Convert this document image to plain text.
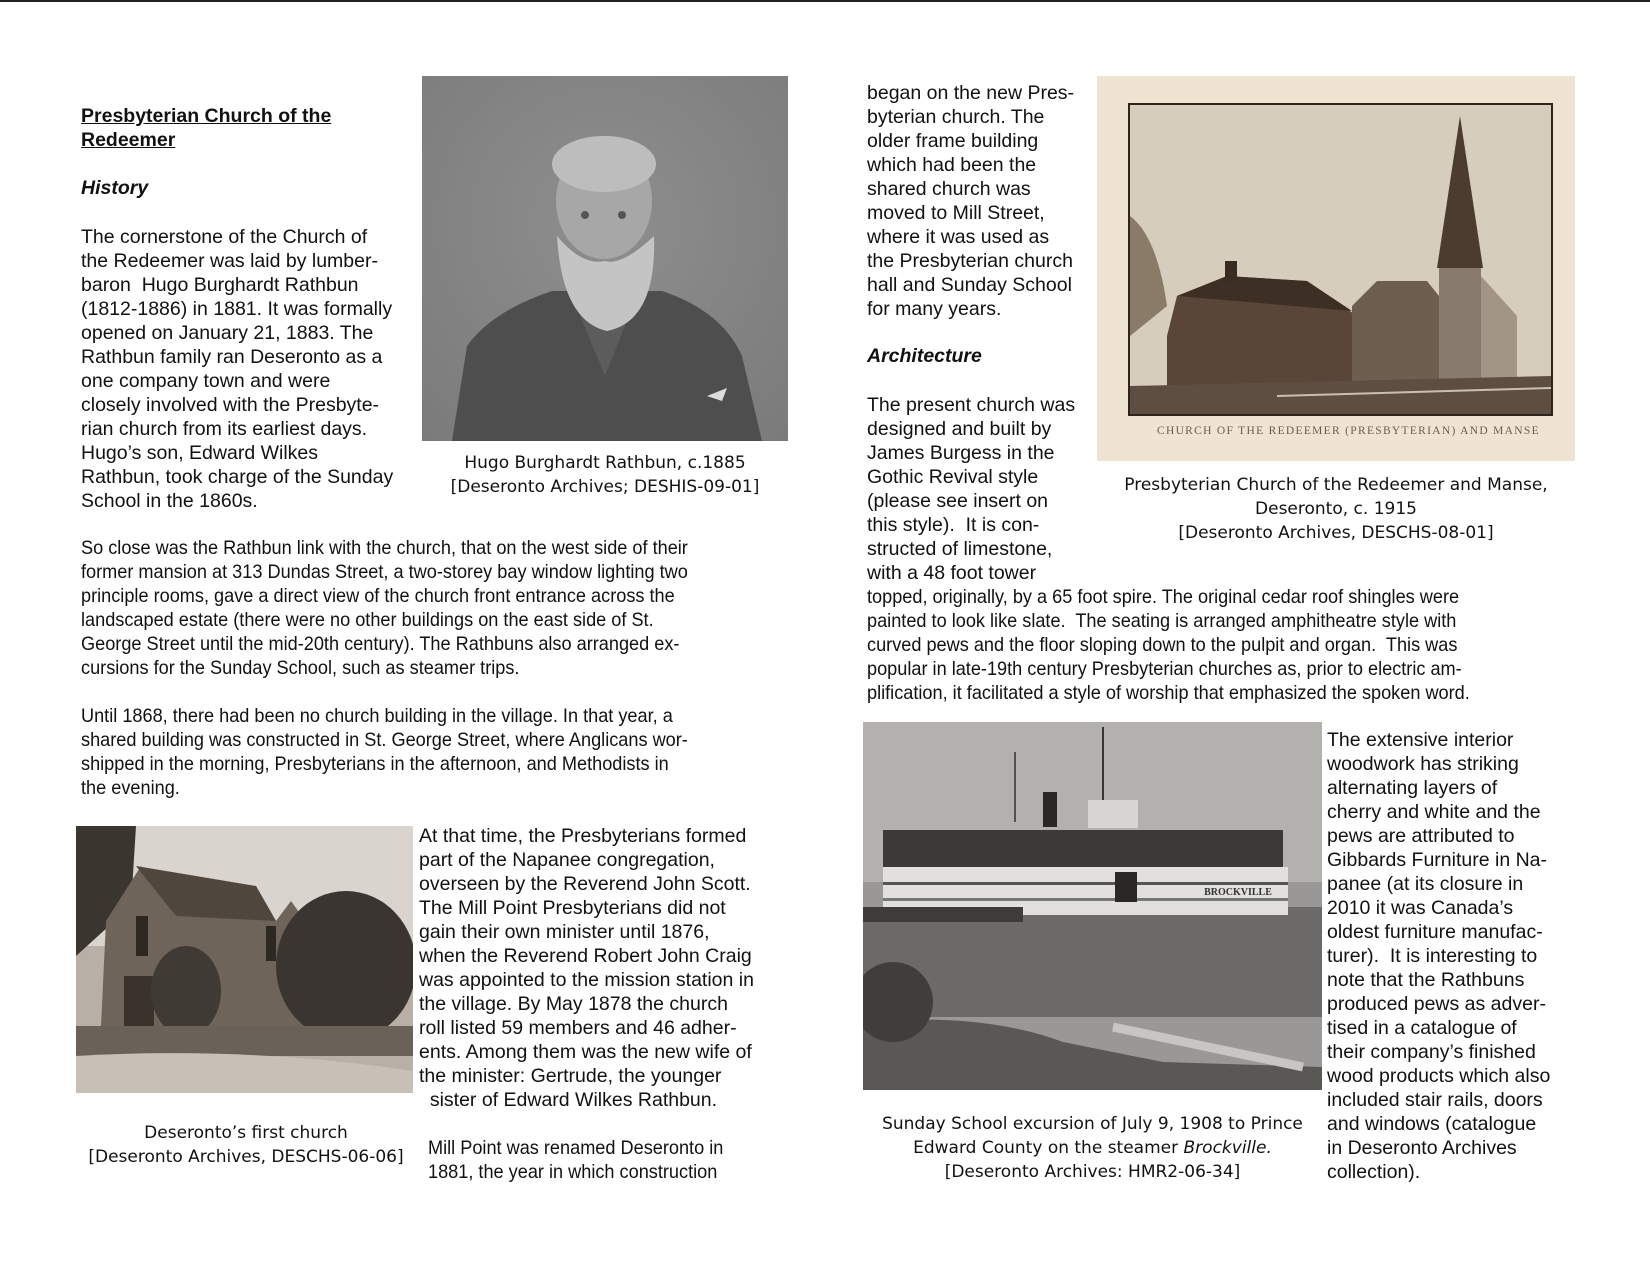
Presbyterian Church of the
Redeemer
History
The cornerstone of the Church of
the Redeemer was laid by lumber-
baron  Hugo Burghardt Rathbun
(1812-1886) in 1881. It was formally
opened on January 21, 1883. The
Rathbun family ran Deseronto as a
one company town and were
closely involved with the Presbyte-
rian church from its earliest days.
Hugo’s son, Edward Wilkes
Rathbun, took charge of the Sunday
School in the 1860s.
So close was the Rathbun link with the church, that on the west side of their
former mansion at 313 Dundas Street, a two-storey bay window lighting two
principle rooms, gave a direct view of the church front entrance across the
landscaped estate (there were no other buildings on the east side of St.
George Street until the mid-20th century). The Rathbuns also arranged ex-
cursions for the Sunday School, such as steamer trips.
Until 1868, there had been no church building in the village. In that year, a
shared building was constructed in St. George Street, where Anglicans wor-
shipped in the morning, Presbyterians in the afternoon, and Methodists in
the evening.
At that time, the Presbyterians formed
part of the Napanee congregation,
overseen by the Reverend John Scott.
The Mill Point Presbyterians did not
gain their own minister until 1876,
when the Reverend Robert John Craig
was appointed to the mission station in
the village. By May 1878 the church
roll listed 59 members and 46 adher-
ents. Among them was the new wife of
the minister: Gertrude, the younger
sister of Edward Wilkes Rathbun.
Mill Point was renamed Deseronto in
1881, the year in which construction
Hugo Burghardt Rathbun, c.1885
[Deseronto Archives; DESHIS-09-01]
Deseronto’s first church
[Deseronto Archives, DESCHS-06-06]
began on the new Pres-
byterian church. The
older frame building
which had been the
shared church was
moved to Mill Street,
where it was used as
the Presbyterian church
hall and Sunday School
for many years.
Architecture
The present church was
designed and built by
James Burgess in the
Gothic Revival style
(please see insert on
this style).  It is con-
structed of limestone,
with a 48 foot tower
topped, originally, by a 65 foot spire. The original cedar roof shingles were
painted to look like slate.  The seating is arranged amphitheatre style with
curved pews and the floor sloping down to the pulpit and organ.  This was
popular in late-19th century Presbyterian churches as, prior to electric am-
plification, it facilitated a style of worship that emphasized the spoken word.
The extensive interior
woodwork has striking
alternating layers of
cherry and white and the
pews are attributed to
Gibbards Furniture in Na-
panee (at its closure in
2010 it was Canada’s
oldest furniture manufac-
turer).  It is interesting to
note that the Rathbuns
produced pews as adver-
tised in a catalogue of
their company’s finished
wood products which also
included stair rails, doors
and windows (catalogue
in Deseronto Archives
collection).
CHURCH OF THE REDEEMER (PRESBYTERIAN) AND MANSE
Presbyterian Church of the Redeemer and Manse,
Deseronto, c. 1915
[Deseronto Archives, DESCHS-08-01]
BROCKVILLE
Sunday School excursion of July 9, 1908 to Prince
Edward County on the steamer Brockville.
[Deseronto Archives: HMR2-06-34]
